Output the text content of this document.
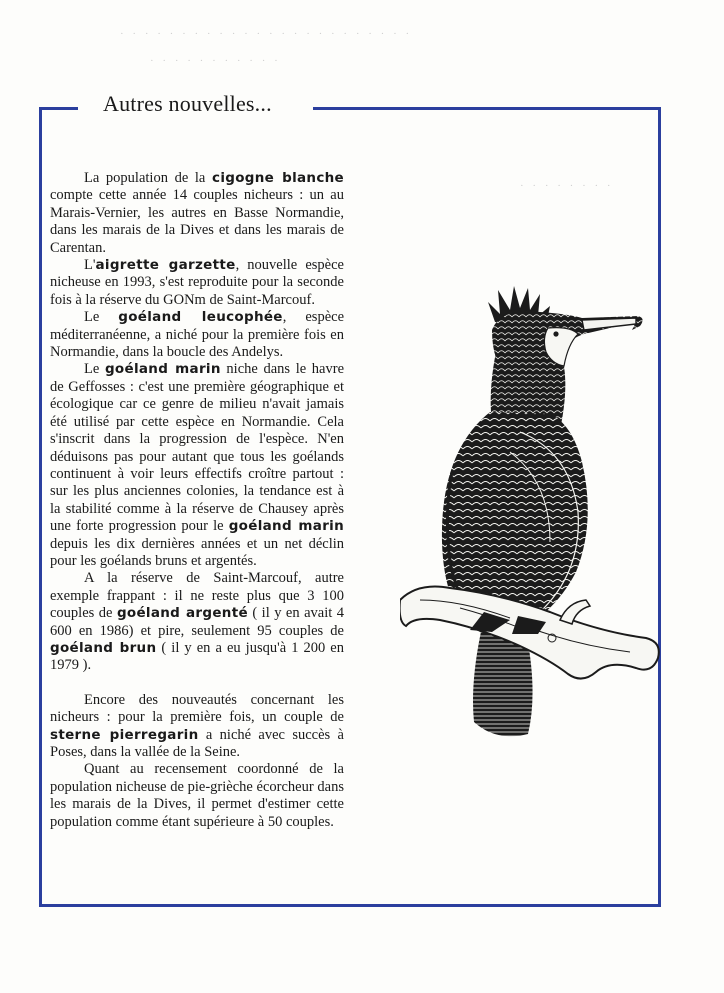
· · · · · · · · · · · · · · · · · · · · · · · ·
· · · · · · · · · · ·
· · · · · · · ·
Autres nouvelles...

La population de la cigogne blanche compte cette année 14 couples nicheurs : un au Marais-Vernier, les autres en Basse Normandie, dans les marais de la Dives et dans les marais de Carentan.

L'aigrette garzette, nouvelle espèce nicheuse en 1993, s'est reproduite pour la seconde fois à la réserve du GONm de Saint-Marcouf.

Le goéland leucophée, espèce méditerranéenne, a niché pour la première fois en Normandie, dans la boucle des Andelys.

Le goéland marin niche dans le havre de Geffosses : c'est une première géographique et écologique car ce genre de milieu n'avait jamais été utilisé par cette espèce en Normandie. Cela s'inscrit dans la progression de l'espèce. N'en déduisons pas pour autant que tous les goélands continuent à voir leurs effectifs croître partout : sur les plus anciennes colonies, la tendance est à la stabilité comme à la réserve de Chausey après une forte progression pour le goéland marin depuis les dix dernières années et un net déclin pour les goélands bruns et argentés.

A la réserve de Saint-Marcouf, autre exemple frappant : il ne reste plus que 3 100 couples de goéland argenté ( il y en avait 4 600 en 1986) et pire, seulement 95 couples de goéland brun ( il y en a eu jusqu'à 1 200 en 1979 ).

Encore des nouveautés concernant les nicheurs : pour la première fois, un couple de sterne pierregarin a niché avec succès à Poses, dans la vallée de la Seine.

Quant au recensement coordonné de la population nicheuse de pie-grièche écorcheur dans les marais de la Dives, il permet d'estimer cette population comme étant supérieure à 50 couples.
